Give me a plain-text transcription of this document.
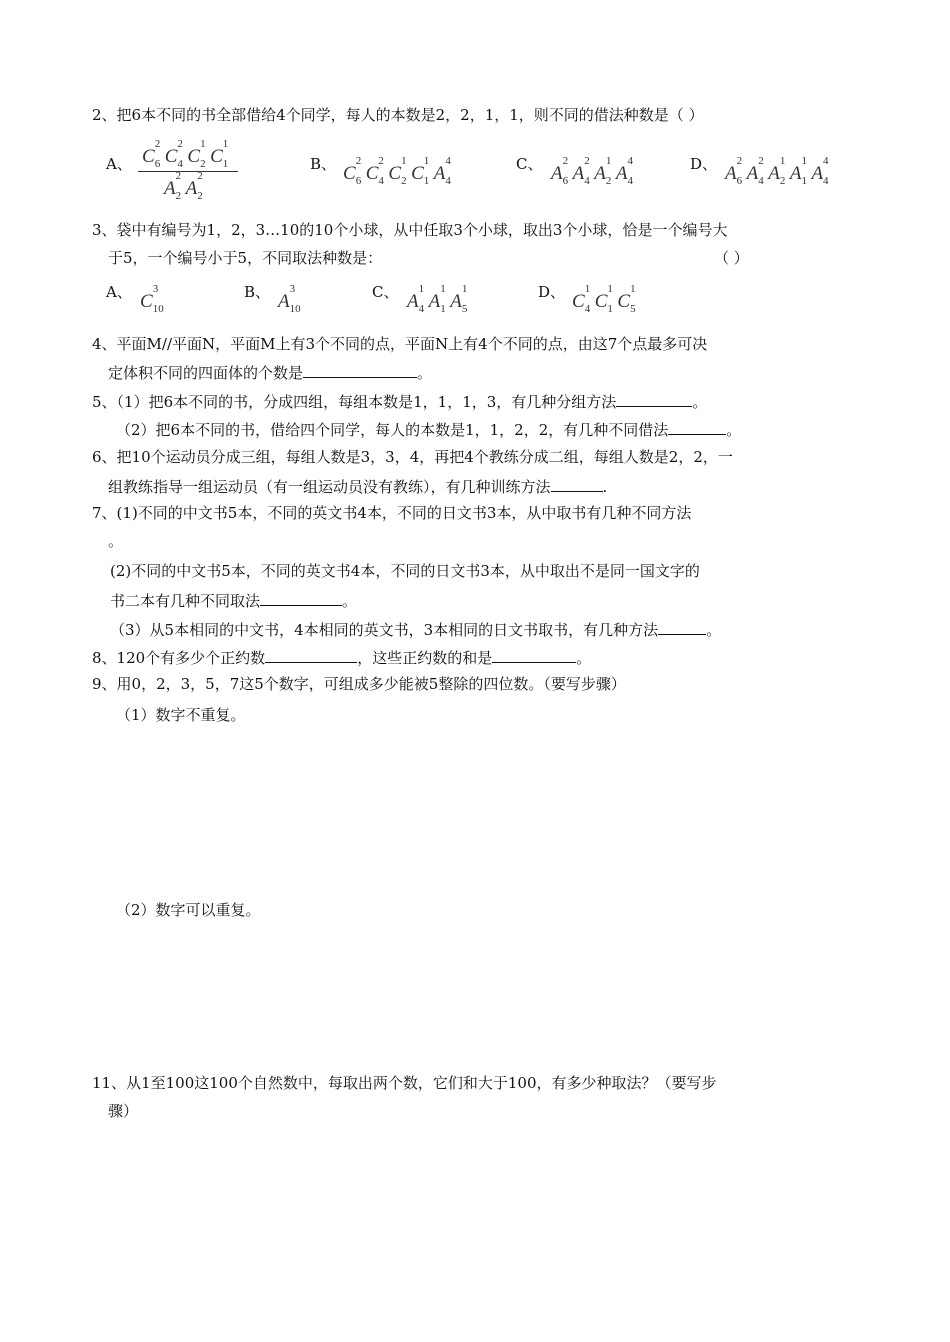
2、把6本不同的书全部借给4个同学，每人的本数是2，2，1，1，则不同的借法种数是（ ）
A、 C
2
6 C
2
4 C
1
2 C
1
1
A
2
2 A
2
2
B、 C
2
6 C
2
4 C
1
2 C
1
1 A
4
4
C、 A
2
6 A
2
4 A
1
2 A
4
4
D、 A
2
6 A
2
4 A
1
2 A
1
1 A
4
4
3、袋中有编号为1，2，3…10的10个小球，从中任取3个小球，取出3个小球，恰是一个编号大
于5，一个编号小于5，不同取法种数是：	（ ）
A、 C
3
10
B、 A
3
10
C、 A
1
4 A
1
1 A
1
5
D、 C
1
4 C
1
1 C
1
5
4、平面M//平面N，平面M上有3个不同的点，平面N上有4个不同的点，由这7个点最多可决
定体积不同的四面体的个数是	。
5、（1）把6本不同的书，分成四组，每组本数是1，1，1，3，有几种分组方法	。
（2）把6本不同的书，借给四个同学，每人的本数是1，1，2，2，有几种不同借法	。
6、把10个运动员分成三组，每组人数是3，3，4，再把4个教练分成二组，每组人数是2，2，一
组教练指导一组运动员（有一组运动员没有教练），有几种训练方法	.
7、(1)不同的中文书5本，不同的英文书4本，不同的日文书3本，从中取书有几种不同方法
。
(2)不同的中文书5本，不同的英文书4本，不同的日文书3本，从中取出不是同一国文字的
书二本有几种不同取法	。
（3）从5本相同的中文书，4本相同的英文书，3本相同的日文书取书，有几种方法	。
8、120个有多少个正约数	，这些正约数的和是	。
9、用0，2，3，5，7这5个数字，可组成多少能被5整除的四位数。（要写步骤）
（1）数字不重复。
（2）数字可以重复。
11、从1至100这100个自然数中，每取出两个数，它们和大于100，有多少种取法？（要写步
骤）
